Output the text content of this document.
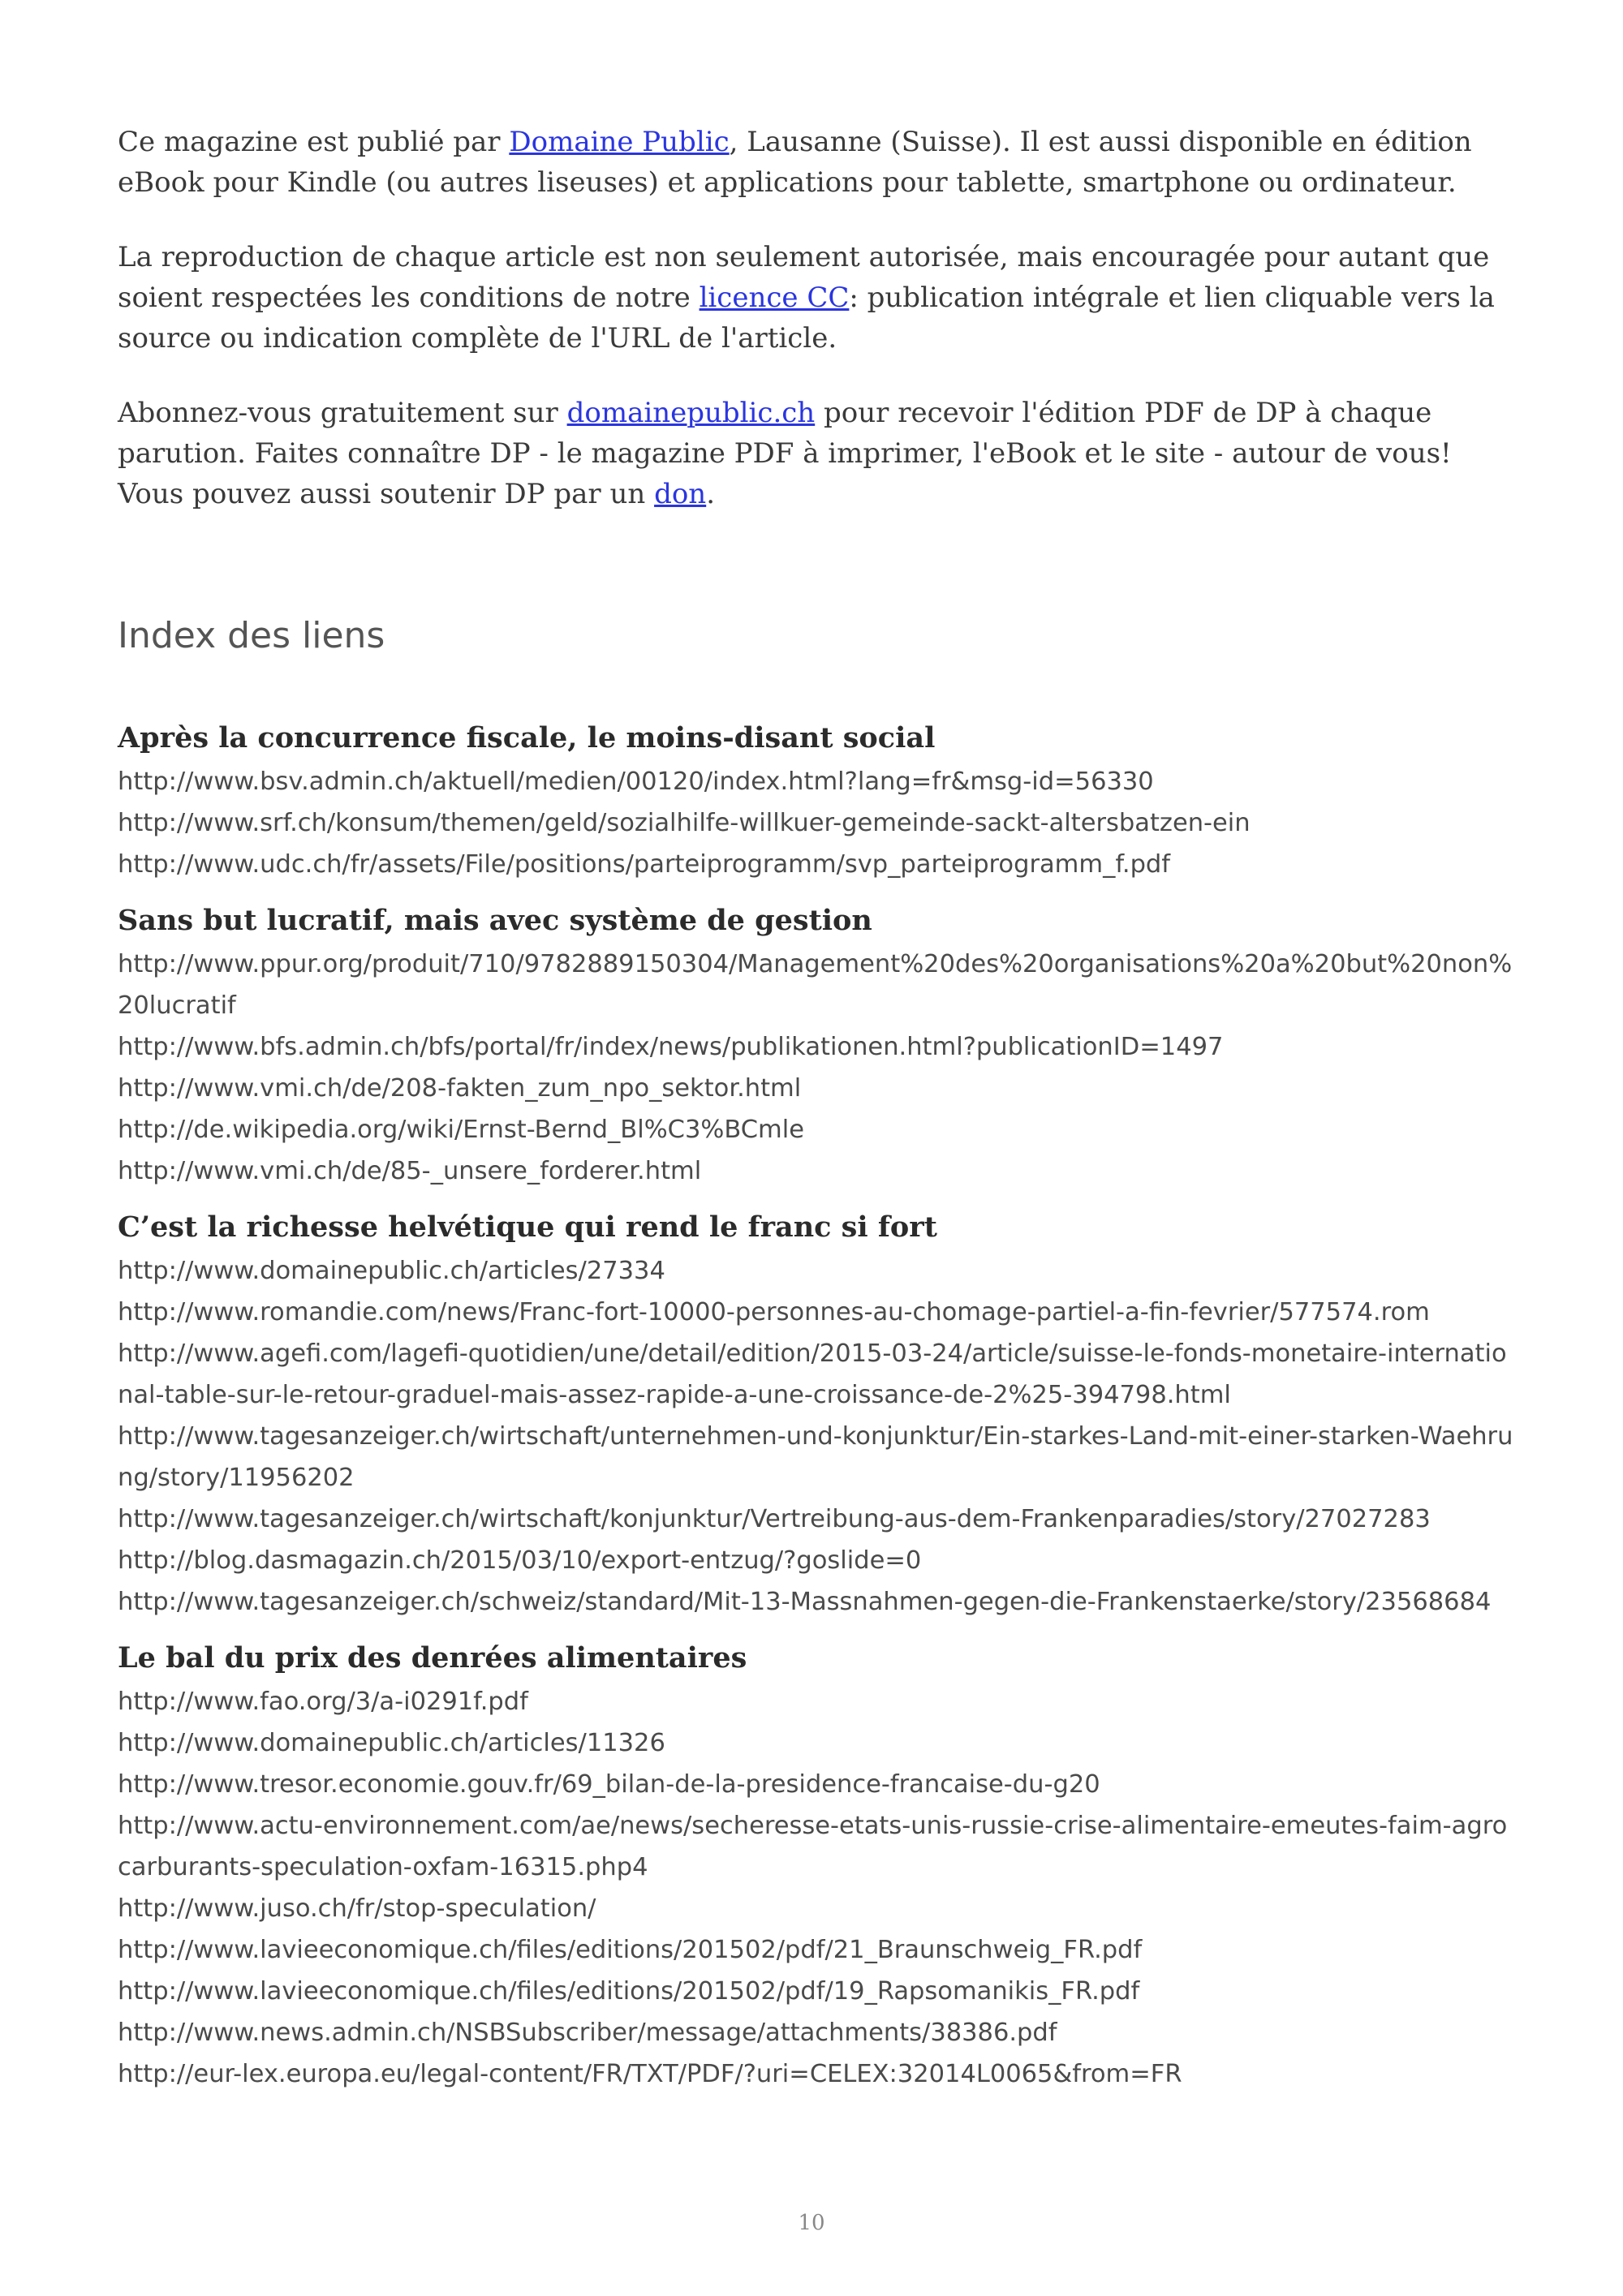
Ce magazine est publié par Domaine Public, Lausanne (Suisse). Il est aussi disponible en édition eBook pour Kindle (ou autres liseuses) et applications pour tablette, smartphone ou ordinateur.

La reproduction de chaque article est non seulement autorisée, mais encouragée pour autant que soient respectées les conditions de notre licence CC: publication intégrale et lien cliquable vers la source ou indication complète de l'URL de l'article.

Abonnez-vous gratuitement sur domainepublic.ch pour recevoir l'édition PDF de DP à chaque parution. Faites connaître DP - le magazine PDF à imprimer, l'eBook et le site - autour de vous! Vous pouvez aussi soutenir DP par un don.

Index des liens
Après la concurrence fiscale, le moins-disant social
http://www.bsv.admin.ch/aktuell/medien/00120/index.html?lang=fr&msg-id=56330
http://www.srf.ch/konsum/themen/geld/sozialhilfe-willkuer-gemeinde-sackt-altersbatzen-ein
http://www.udc.ch/fr/assets/File/positions/parteiprogramm/svp_parteiprogramm_f.pdf
Sans but lucratif, mais avec système de gestion
http://www.ppur.org/produit/710/9782889150304/Management%20des%20organisations%20a%20but%20non%20lucratif
http://www.bfs.admin.ch/bfs/portal/fr/index/news/publikationen.html?publicationID=1497
http://www.vmi.ch/de/208-fakten_zum_npo_sektor.html
http://de.wikipedia.org/wiki/Ernst-Bernd_Bl%C3%BCmle
http://www.vmi.ch/de/85-_unsere_forderer.html
C’est la richesse helvétique qui rend le franc si fort
http://www.domainepublic.ch/articles/27334
http://www.romandie.com/news/Franc-fort-10000-personnes-au-chomage-partiel-a-fin-fevrier/577574.rom
http://www.agefi.com/lagefi-quotidien/une/detail/edition/2015-03-24/article/suisse-le-fonds-monetaire-international-table-sur-le-retour-graduel-mais-assez-rapide-a-une-croissance-de-2%25-394798.html
http://www.tagesanzeiger.ch/wirtschaft/unternehmen-und-konjunktur/Ein-starkes-Land-mit-einer-starken-Waehrung/story/11956202
http://www.tagesanzeiger.ch/wirtschaft/konjunktur/Vertreibung-aus-dem-Frankenparadies/story/27027283
http://blog.dasmagazin.ch/2015/03/10/export-entzug/?goslide=0
http://www.tagesanzeiger.ch/schweiz/standard/Mit-13-Massnahmen-gegen-die-Frankenstaerke/story/23568684
Le bal du prix des denrées alimentaires
http://www.fao.org/3/a-i0291f.pdf
http://www.domainepublic.ch/articles/11326
http://www.tresor.economie.gouv.fr/69_bilan-de-la-presidence-francaise-du-g20
http://www.actu-environnement.com/ae/news/secheresse-etats-unis-russie-crise-alimentaire-emeutes-faim-agrocarburants-speculation-oxfam-16315.php4
http://www.juso.ch/fr/stop-speculation/
http://www.lavieeconomique.ch/files/editions/201502/pdf/21_Braunschweig_FR.pdf
http://www.lavieeconomique.ch/files/editions/201502/pdf/19_Rapsomanikis_FR.pdf
http://www.news.admin.ch/NSBSubscriber/message/attachments/38386.pdf
http://eur-lex.europa.eu/legal-content/FR/TXT/PDF/?uri=CELEX:32014L0065&from=FR
10
